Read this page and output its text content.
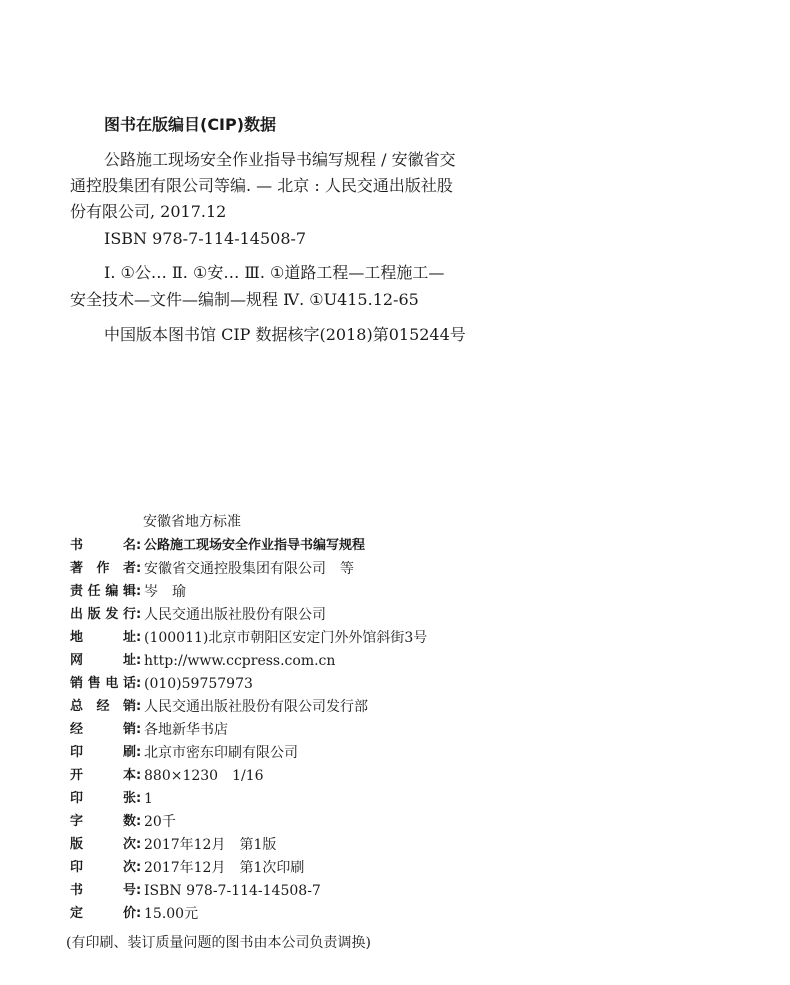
图书在版编目(CIP)数据
公路施工现场安全作业指导书编写规程 / 安徽省交
通控股集团有限公司等编. — 北京 : 人民交通出版社股
份有限公司, 2017.12
ISBN 978-7-114-14508-7
Ⅰ. ①公… Ⅱ. ①安… Ⅲ. ①道路工程—工程施工—
安全技术—文件—编制—规程 Ⅳ. ①U415.12-65
中国版本图书馆 CIP 数据核字(2018)第015244号
安徽省地方标准
书名: 公路施工现场安全作业指导书编写规程
著作者: 安徽省交通控股集团有限公司　等
责任编辑: 岑　瑜
出版发行: 人民交通出版社股份有限公司
地址: (100011)北京市朝阳区安定门外外馆斜街3号
网址: http://www.ccpress.com.cn
销售电话: (010)59757973
总经销: 人民交通出版社股份有限公司发行部
经销: 各地新华书店
印刷: 北京市密东印刷有限公司
开本: 880×1230　1/16
印张: 1
字数: 20千
版次: 2017年12月　第1版
印次: 2017年12月　第1次印刷
书号: ISBN 978-7-114-14508-7
定价: 15.00元
(有印刷、装订质量问题的图书由本公司负责调换)
